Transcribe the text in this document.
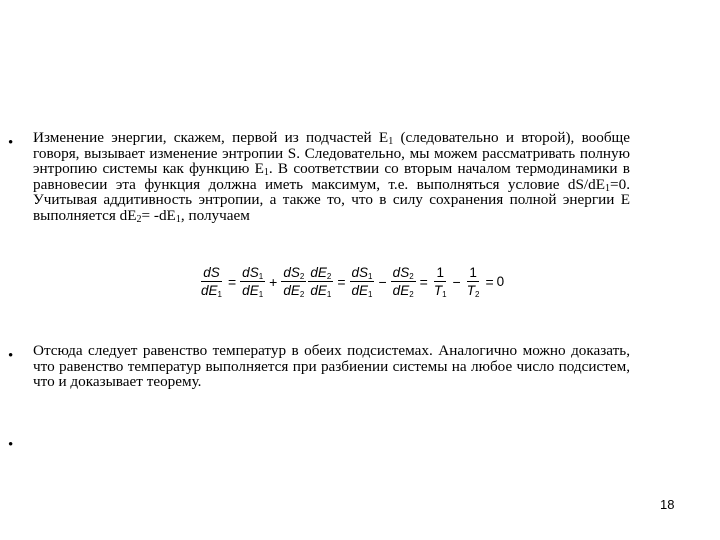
• Изменение энергии, скажем, первой из подчастей $E_1$ (следовательно и второй), вообще говоря, вызывает изменение энтропии S. Следовательно, мы можем рассматривать полную энтропию системы как функцию $E_1$. В соответствии со вторым началом термодинамики в равновесии эта функция должна иметь максимум, т.е. выполняться условие $dS/dE_1=0$. Учитывая аддитивность энтропии, а также то, что в силу сохранения полной энергии E выполняется $dE_2= -dE_1$, получаем
$\frac{dS}{dE_1} = \frac{dS_1}{dE_1} + \frac{dS_2}{dE_2} \frac{dE_2}{dE_1} = \frac{dS_1}{dE_1} - \frac{dS_2}{dE_2} = \frac{1}{T_1} - \frac{1}{T_2} = 0$
• Отсюда следует равенство температур в обеих подсистемах. Аналогично можно доказать, что равенство температур выполняется при разбиении системы на любое число подсистем, что и доказывает теорему.
•
18
